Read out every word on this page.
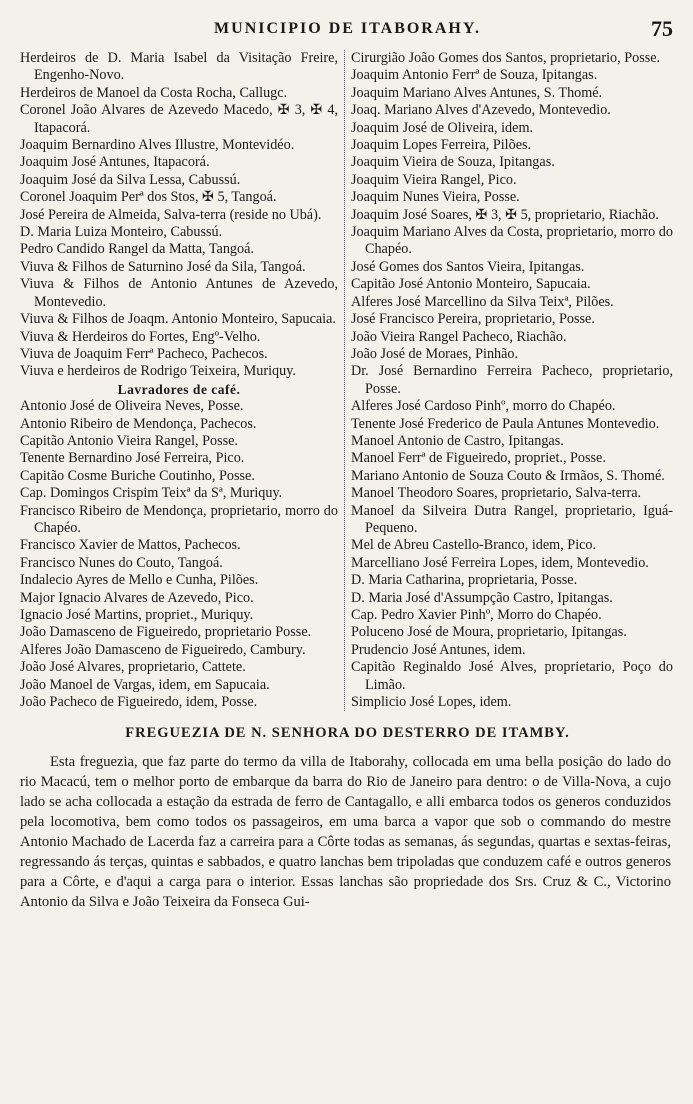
MUNICIPIO DE ITABORAHY.	75

Herdeiros de D. Maria Isabel da Visitação Freire, Engenho-Novo.

Herdeiros de Manoel da Costa Rocha, Callugc.

Coronel João Alvares de Azevedo Macedo, ✠ 3, ✠ 4, Itapacorá.

Joaquim Bernardino Alves Illustre, Montevidéo.

Joaquim José Antunes, Itapacorá.

Joaquim José da Silva Lessa, Cabussú.

Coronel Joaquim Perª dos Stos, ✠ 5, Tangoá.

José Pereira de Almeida, Salva-terra (reside no Ubá).

D. Maria Luiza Monteiro, Cabussú.

Pedro Candido Rangel da Matta, Tangoá.

Viuva & Filhos de Saturnino José da Sila, Tangoá.

Viuva & Filhos de Antonio Antunes de Azevedo, Montevedio.

Viuva & Filhos de Joaqm. Antonio Monteiro, Sapucaia.

Viuva & Herdeiros do Fortes, Engº-Velho.

Viuva de Joaquim Ferrª Pacheco, Pachecos.

Viuva e herdeiros de Rodrigo Teixeira, Muriquy.

Lavradores de café.

Antonio José de Oliveira Neves, Posse.

Antonio Ribeiro de Mendonça, Pachecos.

Capitão Antonio Vieira Rangel, Posse.

Tenente Bernardino José Ferreira, Pico.

Capitão Cosme Buriche Coutinho, Posse.

Cap. Domingos Crispim Teixª da Sª, Muriquy.

Francisco Ribeiro de Mendonça, proprietario, morro do Chapéo.

Francisco Xavier de Mattos, Pachecos.

Francisco Nunes do Couto, Tangoá.

Indalecio Ayres de Mello e Cunha, Pilões.

Major Ignacio Alvares de Azevedo, Pico.

Ignacio José Martins, propriet., Muriquy.

João Damasceno de Figueiredo, proprietario Posse.

Alferes João Damasceno de Figueiredo, Cambury.

João José Alvares, proprietario, Cattete.

João Manoel de Vargas, idem, em Sapucaia.

João Pacheco de Figueiredo, idem, Posse.

Cirurgião João Gomes dos Santos, proprietario, Posse.

Joaquim Antonio Ferrª de Souza, Ipitangas.

Joaquim Mariano Alves Antunes, S. Thomé.

Joaq. Mariano Alves d'Azevedo, Montevedio.

Joaquim José de Oliveira, idem.

Joaquim Lopes Ferreira, Pilões.

Joaquim Vieira de Souza, Ipitangas.

Joaquim Vieira Rangel, Pico.

Joaquim Nunes Vieira, Posse.

Joaquim José Soares, ✠ 3, ✠ 5, proprietario, Riachão.

Joaquim Mariano Alves da Costa, proprietario, morro do Chapéo.

José Gomes dos Santos Vieira, Ipitangas.

Capitão José Antonio Monteiro, Sapucaia.

Alferes José Marcellino da Silva Teixª, Pilões.

José Francisco Pereira, proprietario, Posse.

João Vieira Rangel Pacheco, Riachão.

João José de Moraes, Pinhão.

Dr. José Bernardino Ferreira Pacheco, proprietario, Posse.

Alferes José Cardoso Pinhº, morro do Chapéo.

Tenente José Frederico de Paula Antunes Montevedio.

Manoel Antonio de Castro, Ipitangas.

Manoel Ferrª de Figueiredo, propriet., Posse.

Mariano Antonio de Souza Couto & Irmãos, S. Thomé.

Manoel Theodoro Soares, proprietario, Salva-terra.

Manoel da Silveira Dutra Rangel, proprietario, Iguá-Pequeno.

Mel de Abreu Castello-Branco, idem, Pico.

Marcelliano José Ferreira Lopes, idem, Montevedio.

D. Maria Catharina, proprietaria, Posse.

D. Maria José d'Assumpção Castro, Ipitangas.

Cap. Pedro Xavier Pinhº, Morro do Chapéo.

Poluceno José de Moura, proprietario, Ipitangas.

Prudencio José Antunes, idem.

Capitão Reginaldo José Alves, proprietario, Poço do Limão.

Simplicio José Lopes, idem.

FREGUEZIA DE N. SENHORA DO DESTERRO DE ITAMBY.

Esta freguezia, que faz parte do termo da villa de Itaborahy, collocada em uma bella posição do lado do rio Macacú, tem o melhor porto de embarque da barra do Rio de Janeiro para dentro: o de Villa-Nova, a cujo lado se acha collocada a estação da estrada de ferro de Cantagallo, e alli embarca todos os generos conduzidos pela locomotiva, bem como todos os passageiros, em uma barca a vapor que sob o commando do mestre Antonio Machado de Lacerda faz a carreira para a Côrte todas as semanas, ás segundas, quartas e sextas-feiras, regressando ás terças, quintas e sabbados, e quatro lanchas bem tripoladas que conduzem café e outros generos para a Côrte, e d'aqui a carga para o interior. Essas lanchas são propriedade dos Srs. Cruz & C., Victorino Antonio da Silva e João Teixeira da Fonseca Gui-
